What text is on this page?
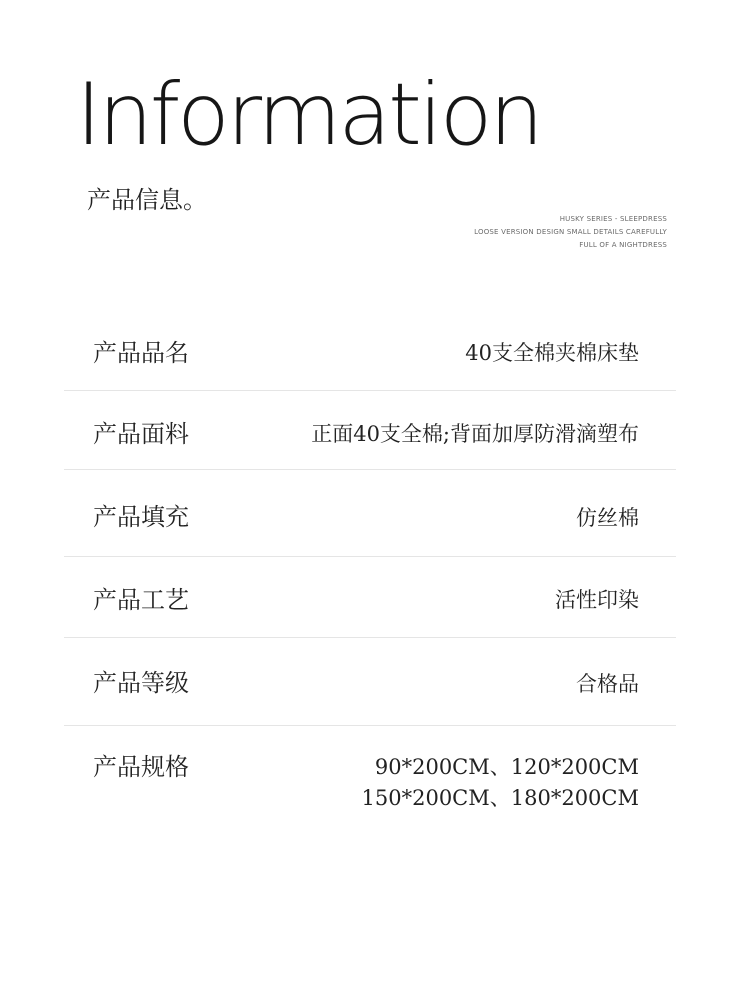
Information
产品信息。
HUSKY SERIES - SLEEPDRESS
LOOSE VERSION DESIGN SMALL DETAILS CAREFULLY
FULL OF A NIGHTDRESS
产品品名	40支全棉夹棉床垫
产品面料	正面40支全棉;背面加厚防滑滴塑布
产品填充	仿丝棉
产品工艺	活性印染
产品等级	合格品
产品规格	90*200CM、120*200CM
150*200CM、180*200CM
